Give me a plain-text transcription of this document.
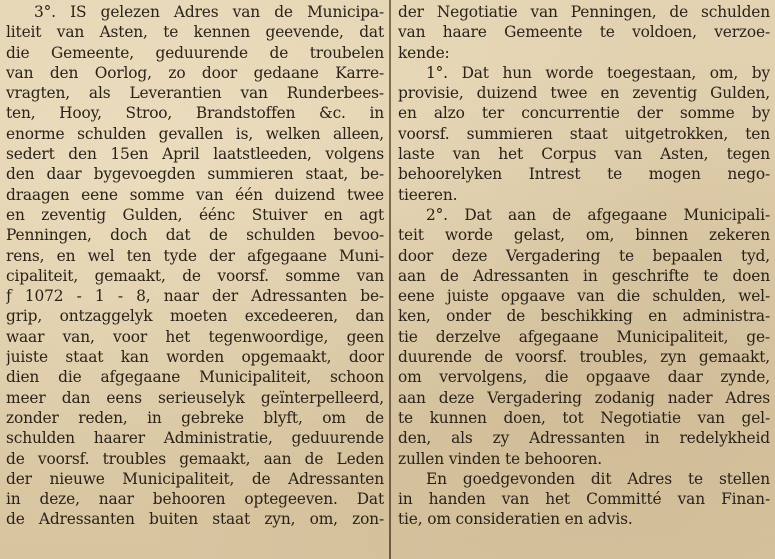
3°. IS gelezen Adres van de Municipa-
liteit van Asten, te kennen geevende, dat
die Gemeente, geduurende de troubelen
van den Oorlog, zo door gedaane Karre-
vragten, als Leverantien van Runderbees-
ten, Hooy, Stroo, Brandstoffen &c. in
enorme schulden gevallen is, welken alleen,
sedert den 15en April laatstleeden, volgens
den daar bygevoegden summieren staat, be-
draagen eene somme van één duizend twee
en zeventig Gulden, éénc Stuiver en agt
Penningen, doch dat de schulden bevoo-
rens, en wel ten tyde der afgegaane Muni-
cipaliteit, gemaakt, de voorsf. somme van
ƒ 1072 - 1 - 8, naar der Adressanten be-
grip, ontzaggelyk moeten excedeeren, dan
waar van, voor het tegenwoordige, geen
juiste staat kan worden opgemaakt, door
dien die afgegaane Municipaliteit, schoon
meer dan eens serieuselyk geïnterpelleerd,
zonder reden, in gebreke blyft, om de
schulden haarer Administratie, geduurende
de voorsf. troubles gemaakt, aan de Leden
der nieuwe Municipaliteit, de Adressanten
in deze, naar behooren optegeeven. Dat
de Adressanten buiten staat zyn, om, zon-
der Negotiatie van Penningen, de schulden
van haare Gemeente te voldoen, verzoe-
kende:
1°. Dat hun worde toegestaan, om, by
provisie, duizend twee en zeventig Gulden,
en alzo ter concurrentie der somme by
voorsf. summieren staat uitgetrokken, ten
laste van het Corpus van Asten, tegen
behoorelyken Intrest te mogen nego-
tieeren.
2°. Dat aan de afgegaane Municipali-
teit worde gelast, om, binnen zekeren
door deze Vergadering te bepaalen tyd,
aan de Adressanten in geschrifte te doen
eene juiste opgaave van die schulden, wel-
ken, onder de beschikking en administra-
tie derzelve afgegaane Municipaliteit, ge-
duurende de voorsf. troubles, zyn gemaakt,
om vervolgens, die opgaave daar zynde,
aan deze Vergadering zodanig nader Adres
te kunnen doen, tot Negotiatie van gel-
den, als zy Adressanten in redelykheid
zullen vinden te behooren.
En goedgevonden dit Adres te stellen
in handen van het Committé van Finan-
tie, om consideratien en advis.
